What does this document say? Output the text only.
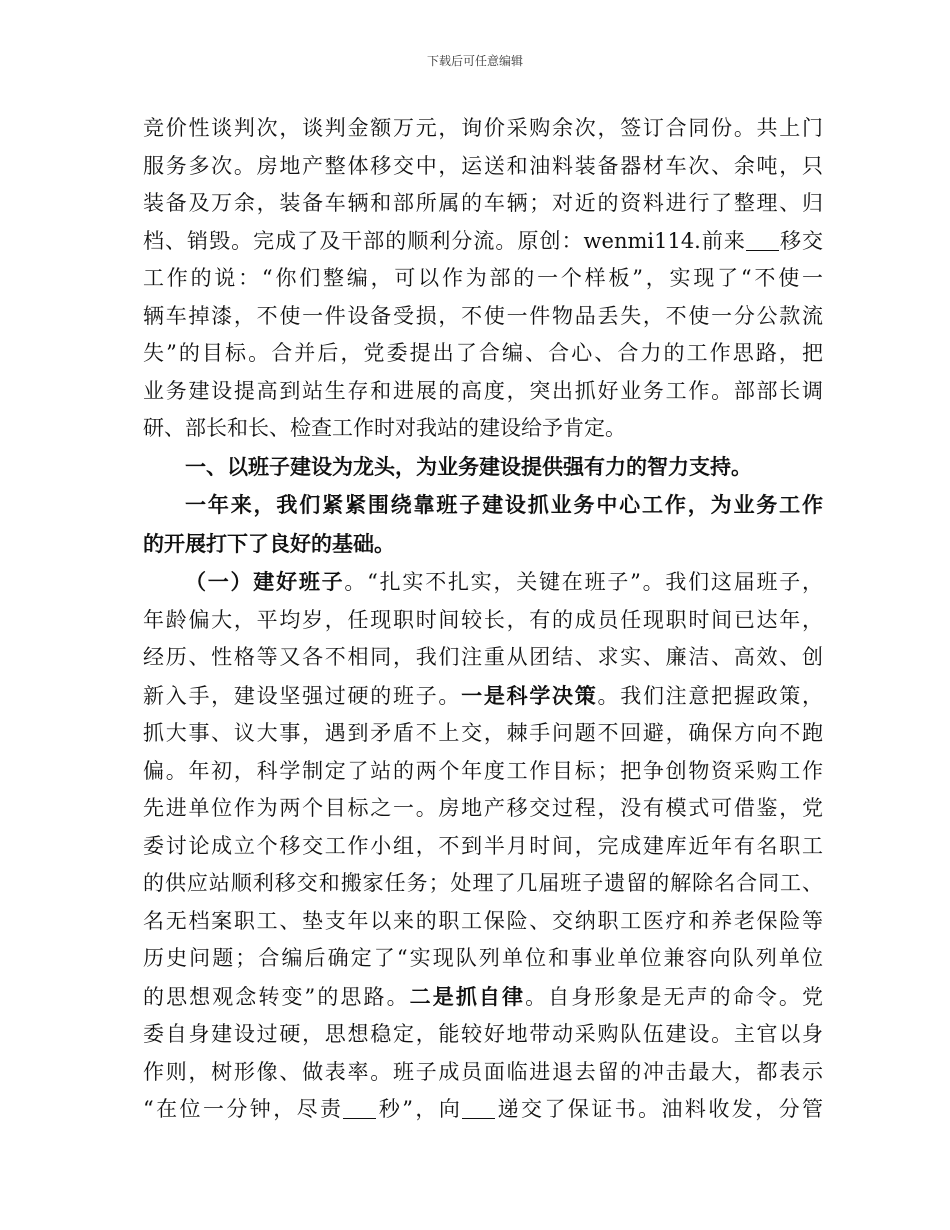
下载后可任意编辑
竞价性谈判次，谈判金额万元，询价采购余次，签订合同份。共上门
服务多次。房地产整体移交中，运送和油料装备器材车次、余吨，只
装备及万余，装备车辆和部所属的车辆；对近的资料进行了整理、归
档、销毁。完成了及干部的顺利分流。原创：wenmi114.前来 移交
工作的说：“你们整编，可以作为部的一个样板”，实现了“不使一
辆车掉漆，不使一件设备受损，不使一件物品丢失，不使一分公款流
失”的目标。合并后，党委提出了合编、合心、合力的工作思路，把
业务建设提高到站生存和进展的高度，突出抓好业务工作。部部长调
研、部长和长、检查工作时对我站的建设给予肯定。
一、以班子建设为龙头，为业务建设提供强有力的智力支持。
一年来，我们紧紧围绕靠班子建设抓业务中心工作，为业务工作
的开展打下了良好的基础。
（一）建好班子。“扎实不扎实，关键在班子”。我们这届班子，
年龄偏大，平均岁，任现职时间较长，有的成员任现职时间已达年，
经历、性格等又各不相同，我们注重从团结、求实、廉洁、高效、创
新入手，建设坚强过硬的班子。一是科学决策。我们注意把握政策，
抓大事、议大事，遇到矛盾不上交，棘手问题不回避，确保方向不跑
偏。年初，科学制定了站的两个年度工作目标；把争创物资采购工作
先进单位作为两个目标之一。房地产移交过程，没有模式可借鉴，党
委讨论成立个移交工作小组，不到半月时间，完成建库近年有名职工
的供应站顺利移交和搬家任务；处理了几届班子遗留的解除名合同工、
名无档案职工、垫支年以来的职工保险、交纳职工医疗和养老保险等
历史问题；合编后确定了“实现队列单位和事业单位兼容向队列单位
的思想观念转变”的思路。二是抓自律。自身形象是无声的命令。党
委自身建设过硬，思想稳定，能较好地带动采购队伍建设。主官以身
作则，树形像、做表率。班子成员面临进退去留的冲击最大，都表示
“在位一分钟，尽责 秒”，向 递交了保证书。油料收发，分管
